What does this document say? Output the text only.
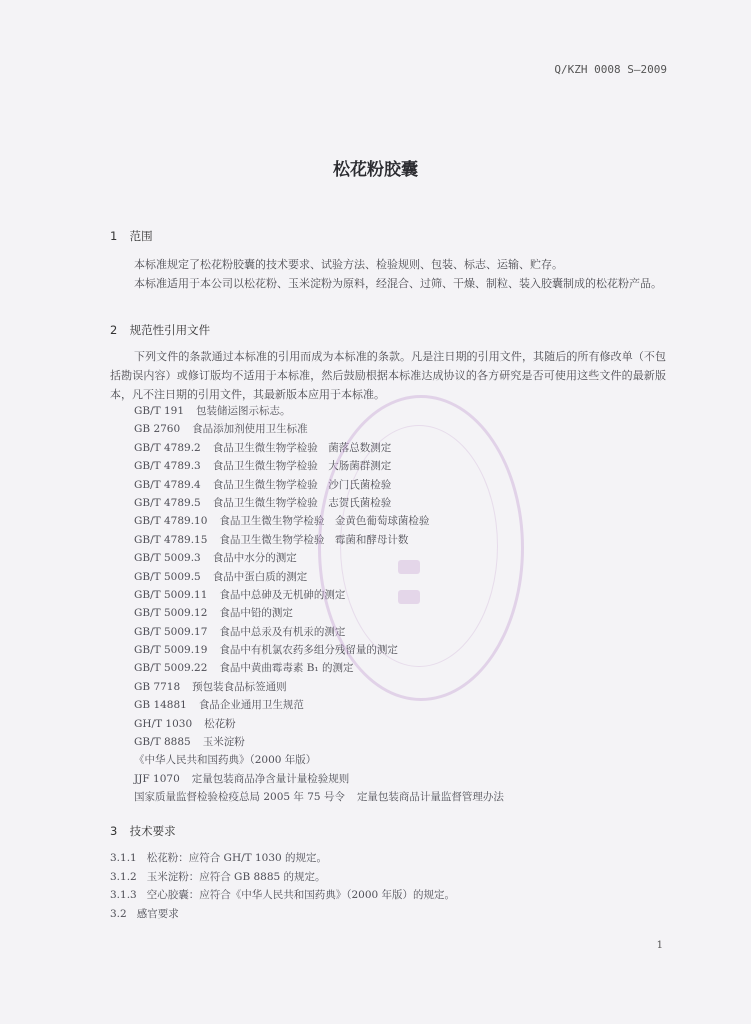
Q/KZH 0008 S—2009
松花粉胶囊
1 范围
本标准规定了松花粉胶囊的技术要求、试验方法、检验规则、包装、标志、运输、贮存。
本标准适用于本公司以松花粉、玉米淀粉为原料，经混合、过筛、干燥、制粒、装入胶囊制成的松花粉产品。
2 规范性引用文件
下列文件的条款通过本标准的引用而成为本标准的条款。凡是注日期的引用文件，其随后的所有修改单（不包括勘误内容）或修订版均不适用于本标准，然后鼓励根据本标准达成协议的各方研究是否可使用这些文件的最新版本，凡不注日期的引用文件，其最新版本应用于本标准。
GB/T 191 包装储运图示标志。
GB 2760 食品添加剂使用卫生标准
GB/T 4789.2 食品卫生微生物学检验　菌落总数测定
GB/T 4789.3 食品卫生微生物学检验　大肠菌群测定
GB/T 4789.4 食品卫生微生物学检验　沙门氏菌检验
GB/T 4789.5 食品卫生微生物学检验　志贺氏菌检验
GB/T 4789.10 食品卫生微生物学检验　金黄色葡萄球菌检验
GB/T 4789.15 食品卫生微生物学检验　霉菌和酵母计数
GB/T 5009.3 食品中水分的测定
GB/T 5009.5 食品中蛋白质的测定
GB/T 5009.11 食品中总砷及无机砷的测定
GB/T 5009.12 食品中铅的测定
GB/T 5009.17 食品中总汞及有机汞的测定
GB/T 5009.19 食品中有机氯农药多组分残留量的测定
GB/T 5009.22 食品中黄曲霉毒素 B₁ 的测定
GB 7718 预包装食品标签通则
GB 14881 食品企业通用卫生规范
GH/T 1030 松花粉
GB/T 8885 玉米淀粉
《中华人民共和国药典》（2000 年版）
JJF 1070 定量包装商品净含量计量检验规则
国家质量监督检验检疫总局 2005 年 75 号令 定量包装商品计量监督管理办法
3 技术要求
3.1.1 松花粉：应符合 GH/T 1030 的规定。
3.1.2 玉米淀粉：应符合 GB 8885 的规定。
3.1.3 空心胶囊：应符合《中华人民共和国药典》（2000 年版）的规定。
3.2 感官要求
1
